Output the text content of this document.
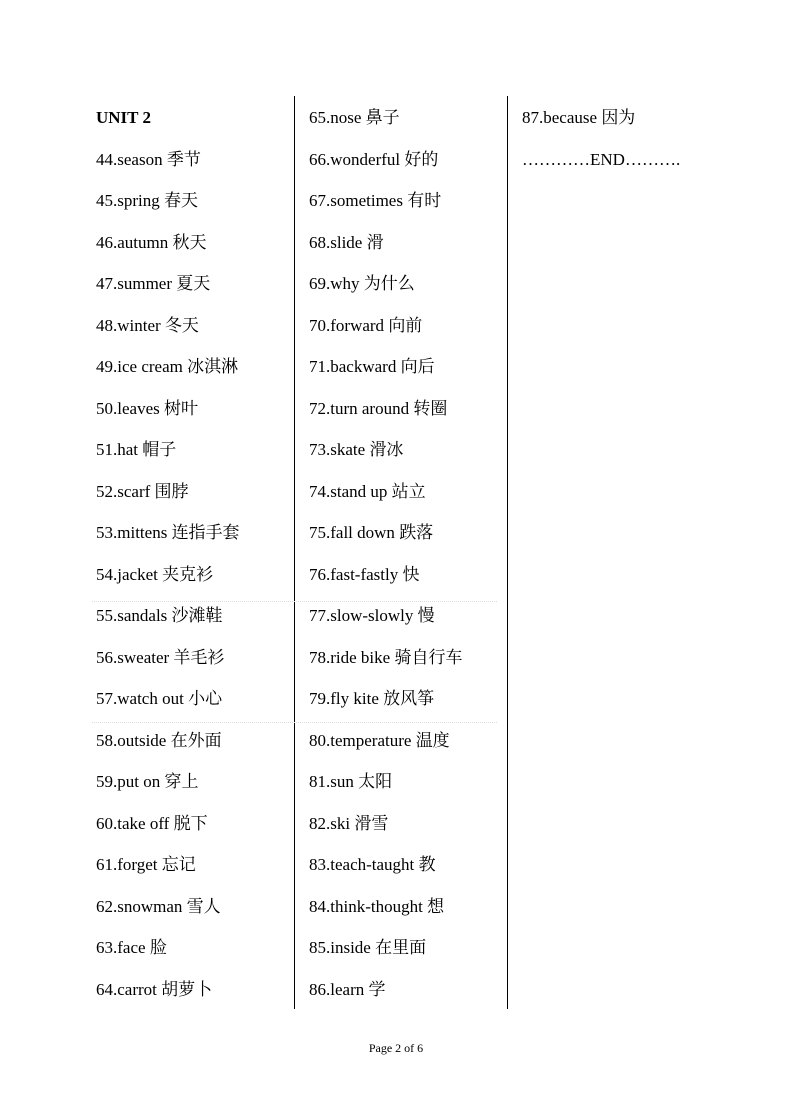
UNIT 2
44.season 季节
45.spring 春天
46.autumn 秋天
47.summer 夏天
48.winter 冬天
49.ice cream 冰淇淋
50.leaves 树叶
51.hat 帽子
52.scarf 围脖
53.mittens 连指手套
54.jacket 夹克衫
55.sandals 沙滩鞋
56.sweater 羊毛衫
57.watch out 小心
58.outside 在外面
59.put on 穿上
60.take off 脱下
61.forget 忘记
62.snowman 雪人
63.face 脸
64.carrot 胡萝卜
65.nose 鼻子
66.wonderful 好的
67.sometimes 有时
68.slide 滑
69.why 为什么
70.forward 向前
71.backward 向后
72.turn around 转圈
73.skate 滑冰
74.stand up 站立
75.fall down 跌落
76.fast-fastly 快
77.slow-slowly 慢
78.ride bike 骑自行车
79.fly kite 放风筝
80.temperature 温度
81.sun 太阳
82.ski 滑雪
83.teach-taught 教
84.think-thought 想
85.inside 在里面
86.learn 学
87.because 因为
…………END……….
Page 2 of 6
